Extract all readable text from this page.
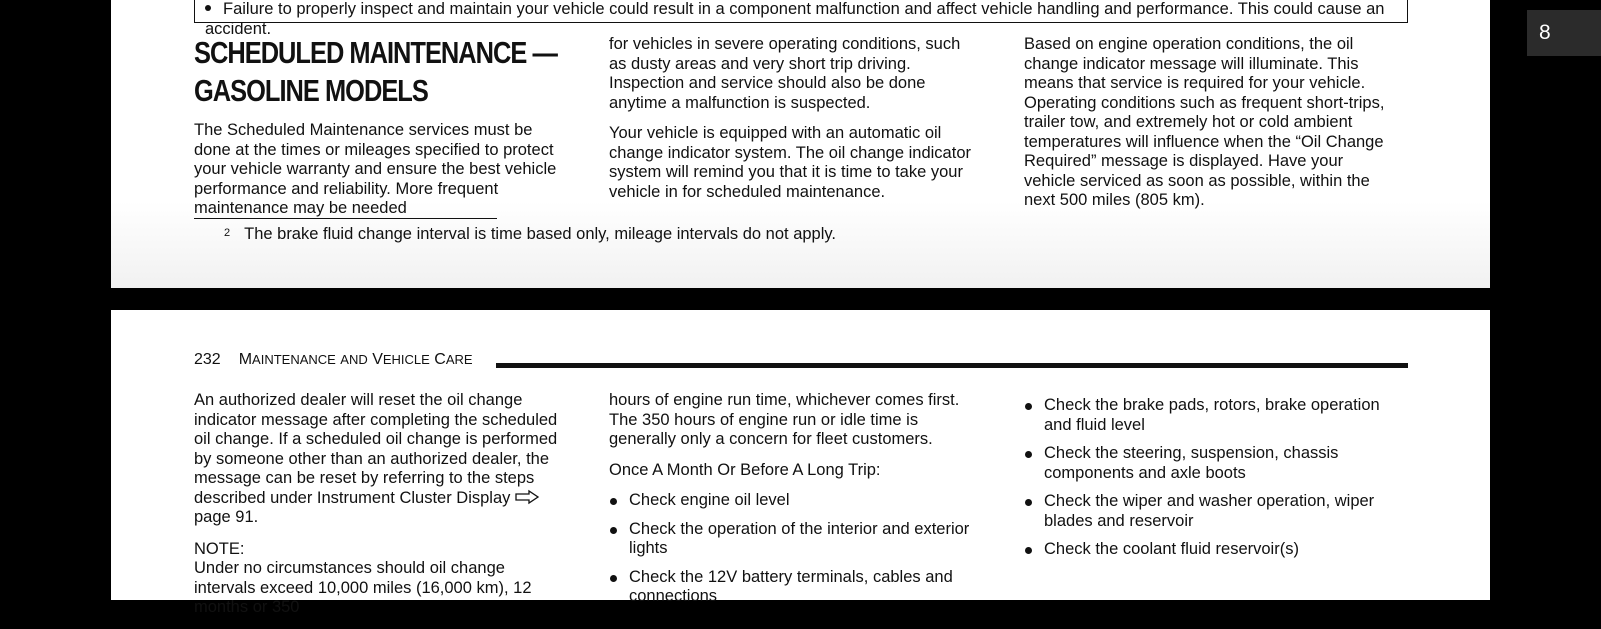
Failure to properly inspect and maintain your vehicle could result in a component malfunction and affect vehicle handling and performance. This could cause an accident.
SCHEDULED MAINTENANCE — GASOLINE MODELS

The Scheduled Maintenance services must be done at the times or mileages specified to protect your vehicle warranty and ensure the best vehicle performance and reliability. More frequent maintenance may be needed

for vehicles in severe operating conditions, such as dusty areas and very short trip driving. Inspection and service should also be done anytime a malfunction is suspected.

Your vehicle is equipped with an automatic oil change indicator system. The oil change indicator system will remind you that it is time to take your vehicle in for scheduled maintenance.

Based on engine operation conditions, the oil change indicator message will illuminate. This means that service is required for your vehicle. Operating conditions such as frequent short-trips, trailer tow, and extremely hot or cold ambient temperatures will influence when the “Oil Change Required” message is displayed. Have your vehicle serviced as soon as possible, within the next 500 miles (805 km).

$^2$ The brake fluid change interval is time based only, mileage intervals do not apply.
8
232 MAINTENANCE AND VEHICLE CARE

An authorized dealer will reset the oil change indicator message after completing the scheduled oil change. If a scheduled oil change is performed by someone other than an authorized dealer, the message can be reset by referring to the steps described under Instrument Cluster Displaypage 91.

NOTE:
Under no circumstances should oil change intervals exceed 10,000 miles (16,000 km), 12 months or 350

hours of engine run time, whichever comes first. The 350 hours of engine run or idle time is generally only a concern for fleet customers.

Once A Month Or Before A Long Trip:

Check engine oil level
Check the operation of the interior and exterior lights
Check the 12V battery terminals, cables and connections
Check the brake pads, rotors, brake operation and fluid level
Check the steering, suspension, chassis components and axle boots
Check the wiper and washer operation, wiper blades and reservoir
Check the coolant fluid reservoir(s)
